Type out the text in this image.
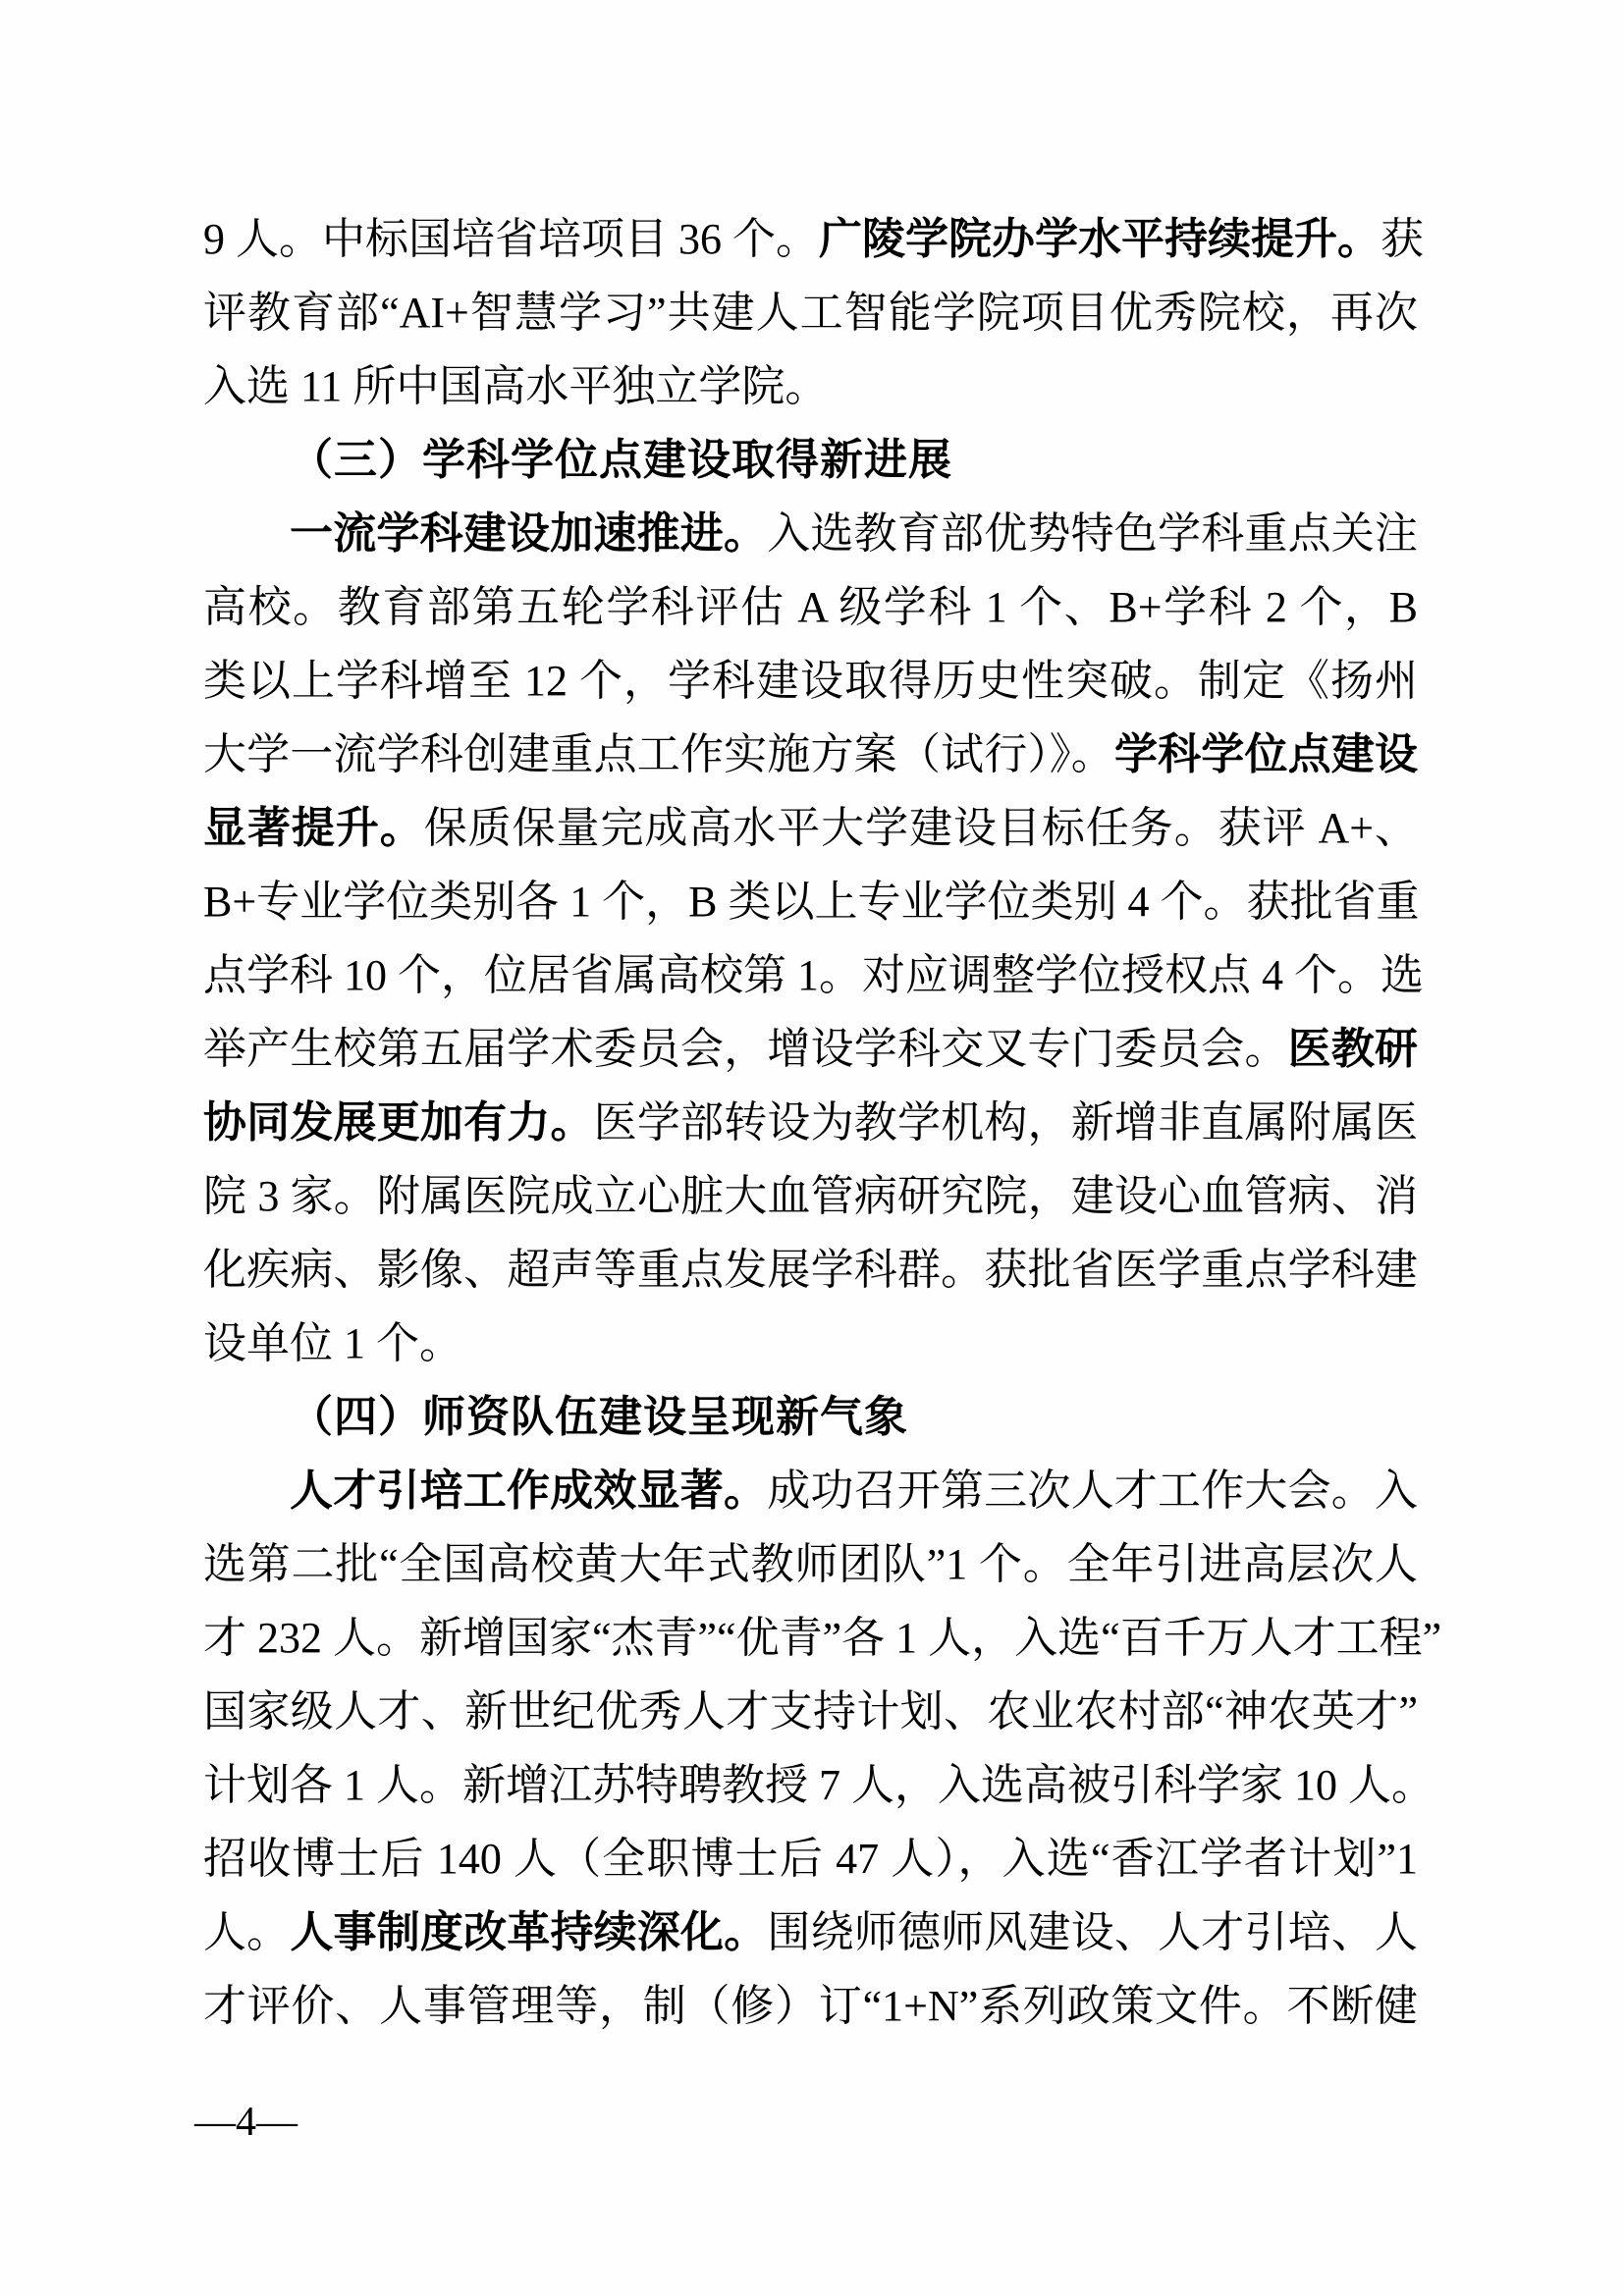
9 人。中标国培省培项目 36 个。广陵学院办学水平持续提升。获
评教育部“AI+智慧学习”共建人工智能学院项目优秀院校，再次
入选 11 所中国高水平独立学院。
（三）学科学位点建设取得新进展
一流学科建设加速推进。入选教育部优势特色学科重点关注
高校。教育部第五轮学科评估 A 级学科 1 个、B+学科 2 个，B
类以上学科增至 12 个，学科建设取得历史性突破。制定《扬州
大学一流学科创建重点工作实施方案（试行）》。学科学位点建设
显著提升。保质保量完成高水平大学建设目标任务。获评 A+、
B+专业学位类别各 1 个，B 类以上专业学位类别 4 个。获批省重
点学科 10 个，位居省属高校第 1。对应调整学位授权点 4 个。选
举产生校第五届学术委员会，增设学科交叉专门委员会。医教研
协同发展更加有力。医学部转设为教学机构，新增非直属附属医
院 3 家。附属医院成立心脏大血管病研究院，建设心血管病、消
化疾病、影像、超声等重点发展学科群。获批省医学重点学科建
设单位 1 个。
（四）师资队伍建设呈现新气象
人才引培工作成效显著。成功召开第三次人才工作大会。入
选第二批“全国高校黄大年式教师团队”1 个。全年引进高层次人
才 232 人。新增国家“杰青”“优青”各 1 人，入选“百千万人才工程”
国家级人才、新世纪优秀人才支持计划、农业农村部“神农英才”
计划各 1 人。新增江苏特聘教授 7 人，入选高被引科学家 10 人。
招收博士后 140 人（全职博士后 47 人），入选“香江学者计划”1
人。人事制度改革持续深化。围绕师德师风建设、人才引培、人
才评价、人事管理等，制（修）订“1+N”系列政策文件。不断健
—4—
